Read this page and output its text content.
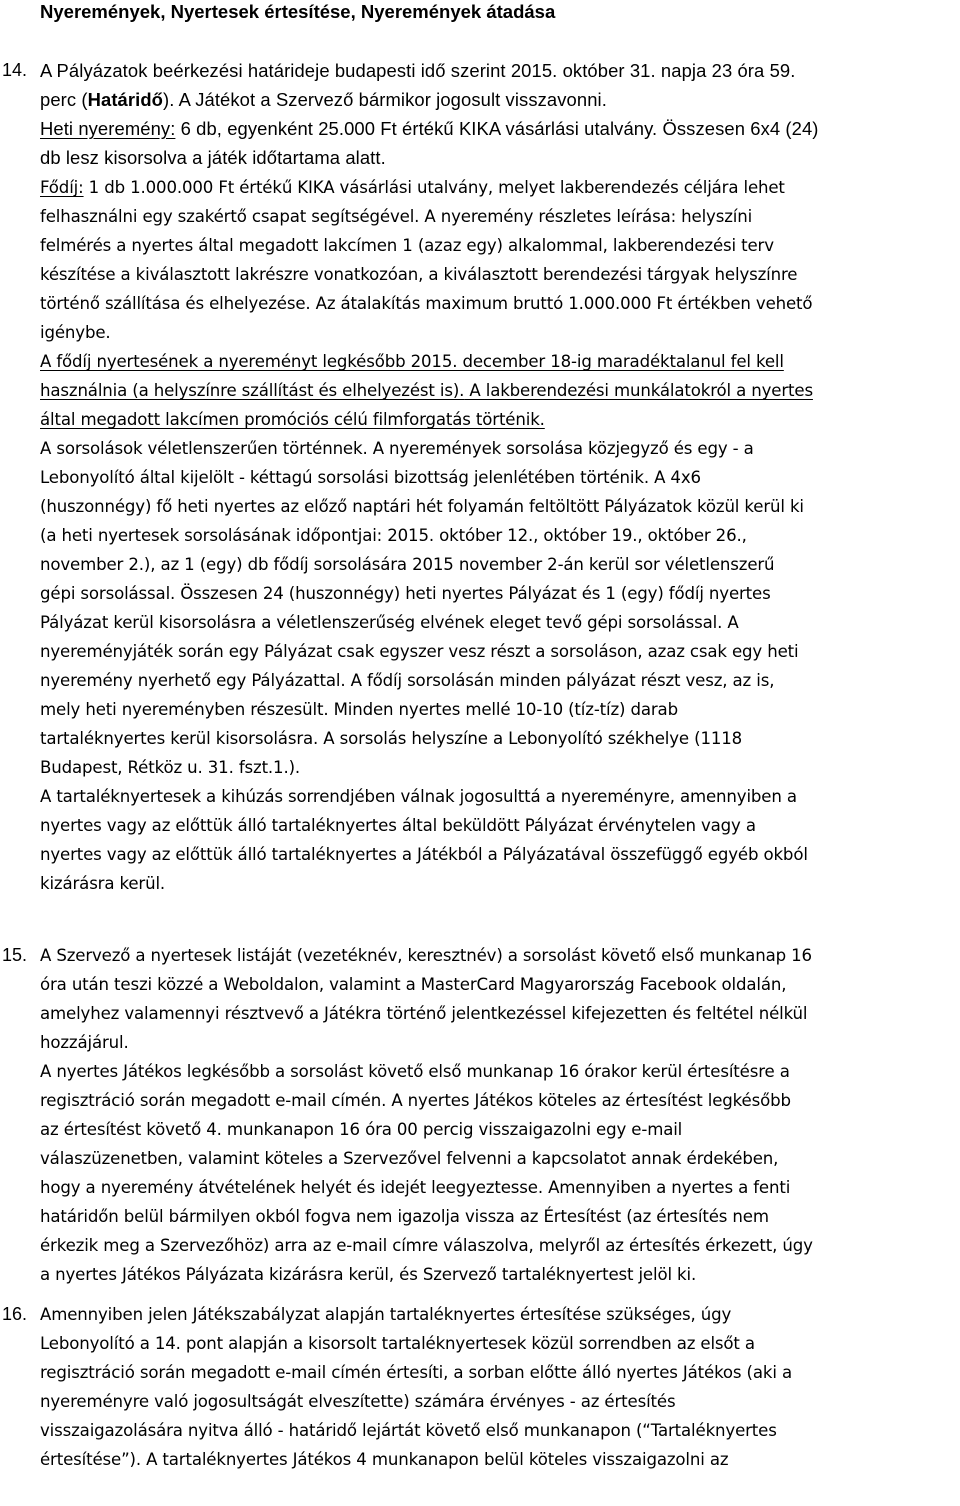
Nyeremények, Nyertesek értesítése, Nyeremények átadása
14. A Pályázatok beérkezési határideje budapesti idő szerint 2015. október 31. napja 23 óra 59.
perc (Határidő). A Játékot a Szervező bármikor jogosult visszavonni.
Heti nyeremény: 6 db, egyenként 25.000 Ft értékű KIKA vásárlási utalvány. Összesen 6x4 (24)
db lesz kisorsolva a játék időtartama alatt.
Fődíj: 1 db 1.000.000 Ft értékű KIKA vásárlási utalvány, melyet lakberendezés céljára lehet
felhasználni egy szakértő csapat segítségével. A nyeremény részletes leírása: helyszíni
felmérés a nyertes által megadott lakcímen 1 (azaz egy) alkalommal, lakberendezési terv
készítése a kiválasztott lakrészre vonatkozóan, a kiválasztott berendezési tárgyak helyszínre
történő szállítása és elhelyezése. Az átalakítás maximum bruttó 1.000.000 Ft értékben vehető
igénybe.
A fődíj nyertesének a nyereményt legkésőbb 2015. december 18-ig maradéktalanul fel kell
használnia (a helyszínre szállítást és elhelyezést is). A lakberendezési munkálatokról a nyertes
által megadott lakcímen promóciós célú filmforgatás történik.
A sorsolások véletlenszerűen történnek. A nyeremények sorsolása közjegyző és egy - a
Lebonyolító által kijelölt - kéttagú sorsolási bizottság jelenlétében történik. A 4x6
(huszonnégy) fő heti nyertes az előző naptári hét folyamán feltöltött Pályázatok közül kerül ki
(a heti nyertesek sorsolásának időpontjai: 2015. október 12., október 19., október 26.,
november 2.), az 1 (egy) db fődíj sorsolására 2015 november 2-án kerül sor véletlenszerű
gépi sorsolással. Összesen 24 (huszonnégy) heti nyertes Pályázat és 1 (egy) fődíj nyertes
Pályázat kerül kisorsolásra a véletlenszerűség elvének eleget tevő gépi sorsolással. A
nyereményjáték során egy Pályázat csak egyszer vesz részt a sorsoláson, azaz csak egy heti
nyeremény nyerhető egy Pályázattal. A fődíj sorsolásán minden pályázat részt vesz, az is,
mely heti nyereményben részesült. Minden nyertes mellé 10-10 (tíz-tíz) darab
tartaléknyertes kerül kisorsolásra. A sorsolás helyszíne a Lebonyolító székhelye (1118
Budapest, Rétköz u. 31. fszt.1.).
A tartaléknyertesek a kihúzás sorrendjében válnak jogosulttá a nyereményre, amennyiben a
nyertes vagy az előttük álló tartaléknyertes által beküldött Pályázat érvénytelen vagy a
nyertes vagy az előttük álló tartaléknyertes a Játékból a Pályázatával összefüggő egyéb okból
kizárásra kerül.
15. A Szervező a nyertesek listáját (vezetéknév, keresztnév) a sorsolást követő első munkanap 16
óra után teszi közzé a Weboldalon, valamint a MasterCard Magyarország Facebook oldalán,
amelyhez valamennyi résztvevő a Játékra történő jelentkezéssel kifejezetten és feltétel nélkül
hozzájárul.
A nyertes Játékos legkésőbb a sorsolást követő első munkanap 16 órakor kerül értesítésre a
regisztráció során megadott e-mail címén. A nyertes Játékos köteles az értesítést legkésőbb
az értesítést követő 4. munkanapon 16 óra 00 percig visszaigazolni egy e-mail
válaszüzenetben, valamint köteles a Szervezővel felvenni a kapcsolatot annak érdekében,
hogy a nyeremény átvételének helyét és idejét leegyeztesse. Amennyiben a nyertes a fenti
határidőn belül bármilyen okból fogva nem igazolja vissza az Értesítést (az értesítés nem
érkezik meg a Szervezőhöz) arra az e-mail címre válaszolva, melyről az értesítés érkezett, úgy
a nyertes Játékos Pályázata kizárásra kerül, és Szervező tartaléknyertest jelöl ki.
16. Amennyiben jelen Játékszabályzat alapján tartaléknyertes értesítése szükséges, úgy
Lebonyolító a 14. pont alapján a kisorsolt tartaléknyertesek közül sorrendben az elsőt a
regisztráció során megadott e-mail címén értesíti, a sorban előtte álló nyertes Játékos (aki a
nyereményre való jogosultságát elveszítette) számára érvényes - az értesítés
visszaigazolására nyitva álló - határidő lejártát követő első munkanapon (“Tartaléknyertes
értesítése”). A tartaléknyertes Játékos 4 munkanapon belül köteles visszaigazolni az
